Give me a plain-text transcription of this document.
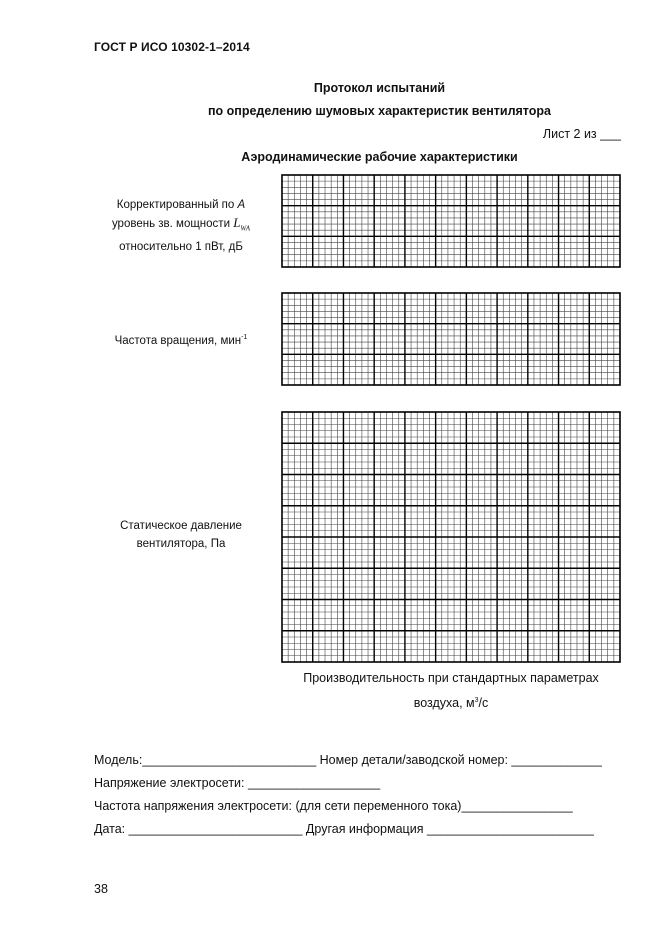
ГОСТ Р ИСО 10302-1–2014
Протокол испытаний
по определению шумовых характеристик вентилятора
Лист 2 из ___
Аэродинамические рабочие характеристики
Корректированный по A
уровень зв. мощности $L_{WA}$
относительно 1 пВт, дБ
Частота вращения, мин$^{-1}$
Статическое давление
вентилятора, Па
Производительность при стандартных параметрах
воздуха, $м^3/с$
Модель:_________________________ Номер детали/заводской номер: _____________
Напряжение электросети: ___________________
Частота напряжения электросети: (для сети переменного тока)________________
Дата: _________________________ Другая информация ________________________
38
